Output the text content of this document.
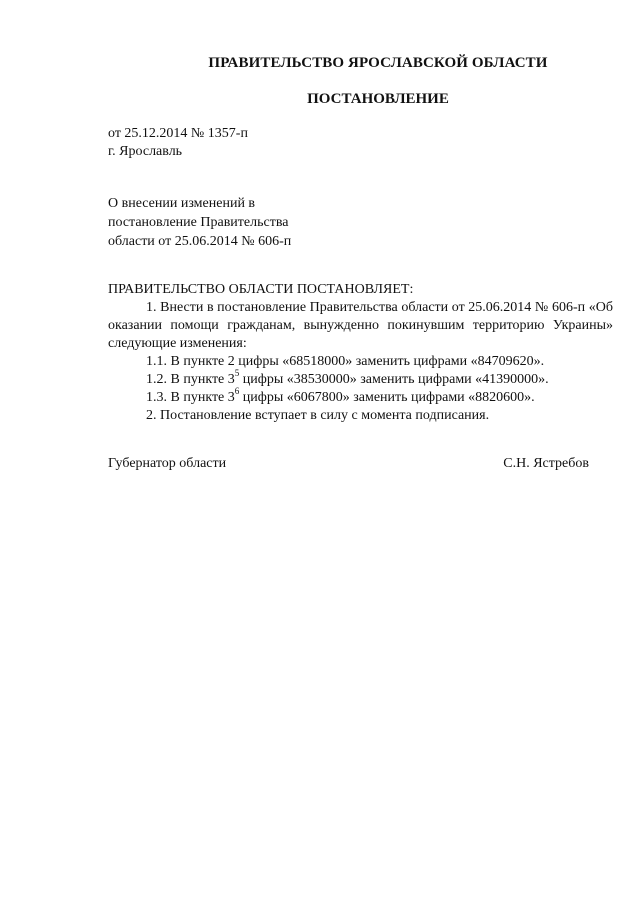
ПРАВИТЕЛЬСТВО ЯРОСЛАВСКОЙ ОБЛАСТИ
ПОСТАНОВЛЕНИЕ
от 25.12.2014 № 1357-п
г. Ярославль
О внесении изменений в
постановление Правительства
области от 25.06.2014 № 606-п

ПРАВИТЕЛЬСТВО ОБЛАСТИ ПОСТАНОВЛЯЕТ:

1. Внести в постановление Правительства области от 25.06.2014 № 606-п «Об оказании помощи гражданам, вынужденно покинувшим территорию Украины» следующие изменения:

1.1. В пункте 2 цифры «68518000» заменить цифрами «84709620».

1.2. В пункте $3^5$ цифры «38530000» заменить цифрами «41390000».

1.3. В пункте $3^6$ цифры «6067800» заменить цифрами «8820600».

2. Постановление вступает в силу с момента подписания.

Губернатор области	С.Н. Ястребов
